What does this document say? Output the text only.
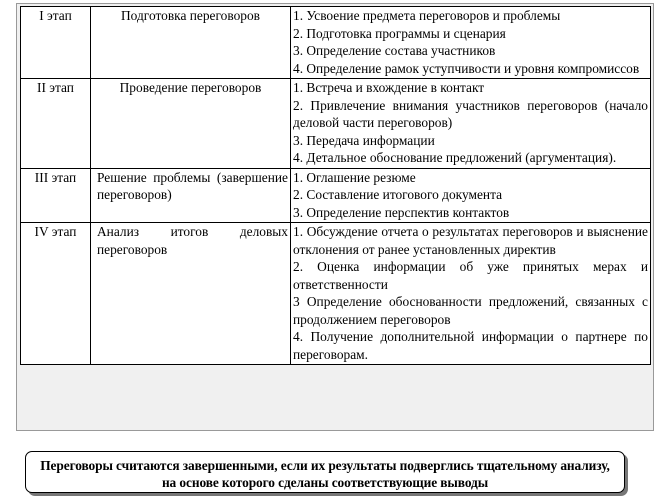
I этап	Подготовка переговоров	1. Усвоение предмета переговоров и проблемы
2. Подготовка программы и сценария
3. Определение состава участников
4. Определение рамок уступчивости и уровня компромиссов

II этап	Проведение переговоров	1. Встреча и вхождение в контакт
2. Привлечение внимания участников переговоров (начало деловой части переговоров)
3. Передача информации
4. Детальное обоснование предложений (аргументация).

III этап	Решение проблемы (завершение переговоров)	1. Оглашение резюме
2. Составление итогового документа
3. Определение перспектив контактов

IV этап	Анализ итогов деловых переговоров	1. Обсуждение отчета о результатах переговоров и выяснение отклонения от ранее установленных директив
2. Оценка информации об уже принятых мерах и ответственности
3 Определение обоснованности предложений, связанных с продолжением переговоров
4. Получение дополнительной информации о партнере по переговорам.
Переговоры считаются завершенными, если их результаты подверглись тщательному анализу, на основе которого сделаны соответствующие выводы
